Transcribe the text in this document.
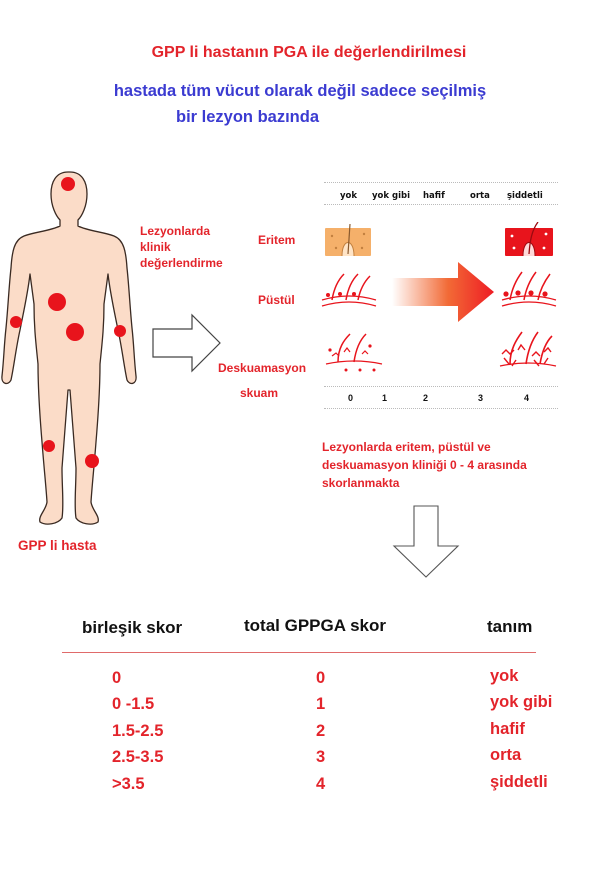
GPP li hastanın PGA ile değerlendirilmesi
hastada tüm vücut olarak değil sadece seçilmiş
bir lezyon bazında
GPP li hasta
Lezyonlarda
klinik
değerlendirme
Eritem
Püstül
Deskuamasyon
skuam
yok yok gibi hafif	orta şiddetli
0	1	2	3	4
Lezyonlarda eritem, püstül ve
deskuamasyon kliniği 0 - 4 arasında
skorlanmakta
birleşik skor	total GPPGA skor	tanım
0	0	yok
0 -1.5	1	yok gibi
1.5-2.5	2	hafif
2.5-3.5	3	orta
>3.5	4	şiddetli
